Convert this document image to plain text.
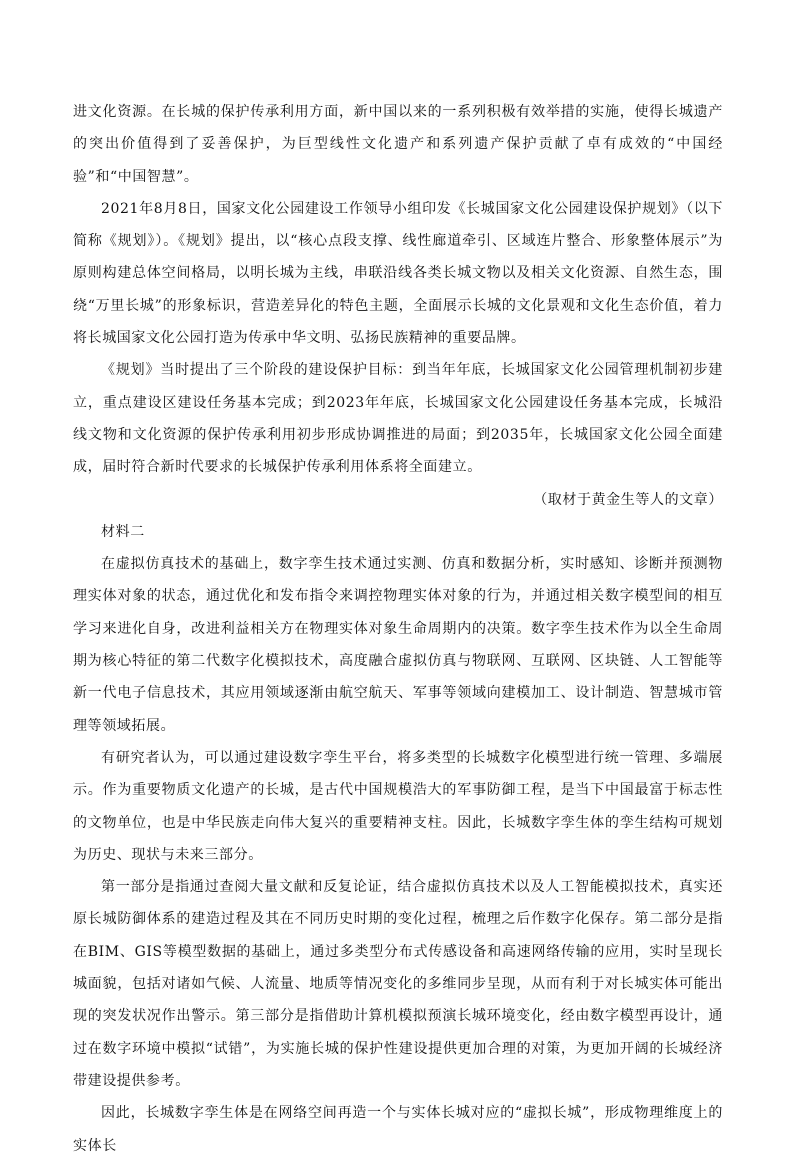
进文化资源。在长城的保护传承利用方面，新中国以来的一系列积极有效举措的实施，使得长城遗产的突出价值得到了妥善保护，为巨型线性文化遗产和系列遗产保护贡献了卓有成效的“中国经验”和“中国智慧”。

2021年8月8日，国家文化公园建设工作领导小组印发《长城国家文化公园建设保护规划》（以下简称《规划》）。《规划》提出，以“核心点段支撑、线性廊道牵引、区域连片整合、形象整体展示”为原则构建总体空间格局，以明长城为主线，串联沿线各类长城文物以及相关文化资源、自然生态，围绕“万里长城”的形象标识，营造差异化的特色主题，全面展示长城的文化景观和文化生态价值，着力将长城国家文化公园打造为传承中华文明、弘扬民族精神的重要品牌。

《规划》当时提出了三个阶段的建设保护目标：到当年年底，长城国家文化公园管理机制初步建立，重点建设区建设任务基本完成；到2023年年底，长城国家文化公园建设任务基本完成，长城沿线文物和文化资源的保护传承利用初步形成协调推进的局面；到2035年，长城国家文化公园全面建成，届时符合新时代要求的长城保护传承利用体系将全面建立。

（取材于黄金生等人的文章）

材料二

在虚拟仿真技术的基础上，数字孪生技术通过实测、仿真和数据分析，实时感知、诊断并预测物理实体对象的状态，通过优化和发布指令来调控物理实体对象的行为，并通过相关数字模型间的相互学习来进化自身，改进利益相关方在物理实体对象生命周期内的决策。数字孪生技术作为以全生命周期为核心特征的第二代数字化模拟技术，高度融合虚拟仿真与物联网、互联网、区块链、人工智能等新一代电子信息技术，其应用领域逐渐由航空航天、军事等领域向建模加工、设计制造、智慧城市管理等领域拓展。

有研究者认为，可以通过建设数字孪生平台，将多类型的长城数字化模型进行统一管理、多端展示。作为重要物质文化遗产的长城，是古代中国规模浩大的军事防御工程，是当下中国最富于标志性的文物单位，也是中华民族走向伟大复兴的重要精神支柱。因此，长城数字孪生体的孪生结构可规划为历史、现状与未来三部分。

第一部分是指通过查阅大量文献和反复论证，结合虚拟仿真技术以及人工智能模拟技术，真实还原长城防御体系的建造过程及其在不同历史时期的变化过程，梳理之后作数字化保存。第二部分是指在BIM、GIS等模型数据的基础上，通过多类型分布式传感设备和高速网络传输的应用，实时呈现长城面貌，包括对诸如气候、人流量、地质等情况变化的多维同步呈现，从而有利于对长城实体可能出现的突发状况作出警示。第三部分是指借助计算机模拟预演长城环境变化，经由数字模型再设计，通过在数字环境中模拟“试错”，为实施长城的保护性建设提供更加合理的对策，为更加开阔的长城经济带建设提供参考。

因此，长城数字孪生体是在网络空间再造一个与实体长城对应的“虚拟长城”，形成物理维度上的实体长
